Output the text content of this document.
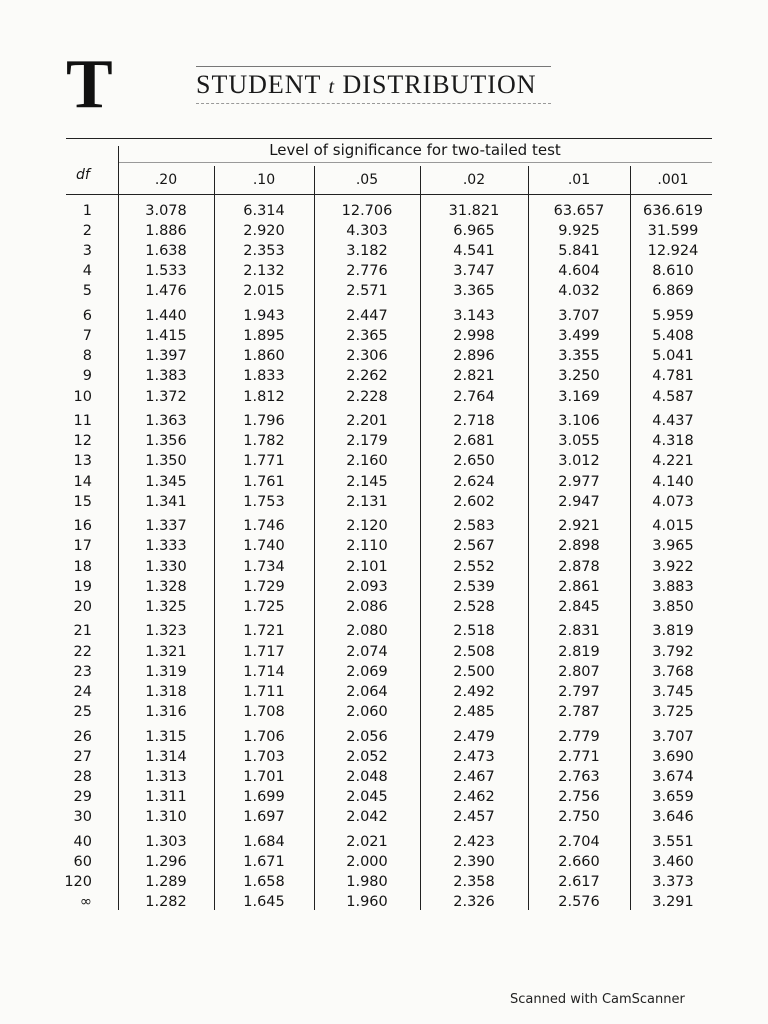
T	STUDENT t DISTRIBUTION
Level of significance for two-tailed test
df	.20	.10	.05	.02	.01	.001
1	3.078	6.314	12.706	31.821	63.657	636.619
2	1.886	2.920	4.303	6.965	9.925	31.599
3	1.638	2.353	3.182	4.541	5.841	12.924
4	1.533	2.132	2.776	3.747	4.604	8.610
5	1.476	2.015	2.571	3.365	4.032	6.869
6	1.440	1.943	2.447	3.143	3.707	5.959
7	1.415	1.895	2.365	2.998	3.499	5.408
8	1.397	1.860	2.306	2.896	3.355	5.041
9	1.383	1.833	2.262	2.821	3.250	4.781
10	1.372	1.812	2.228	2.764	3.169	4.587
11	1.363	1.796	2.201	2.718	3.106	4.437
12	1.356	1.782	2.179	2.681	3.055	4.318
13	1.350	1.771	2.160	2.650	3.012	4.221
14	1.345	1.761	2.145	2.624	2.977	4.140
15	1.341	1.753	2.131	2.602	2.947	4.073
16	1.337	1.746	2.120	2.583	2.921	4.015
17	1.333	1.740	2.110	2.567	2.898	3.965
18	1.330	1.734	2.101	2.552	2.878	3.922
19	1.328	1.729	2.093	2.539	2.861	3.883
20	1.325	1.725	2.086	2.528	2.845	3.850
21	1.323	1.721	2.080	2.518	2.831	3.819
22	1.321	1.717	2.074	2.508	2.819	3.792
23	1.319	1.714	2.069	2.500	2.807	3.768
24	1.318	1.711	2.064	2.492	2.797	3.745
25	1.316	1.708	2.060	2.485	2.787	3.725
26	1.315	1.706	2.056	2.479	2.779	3.707
27	1.314	1.703	2.052	2.473	2.771	3.690
28	1.313	1.701	2.048	2.467	2.763	3.674
29	1.311	1.699	2.045	2.462	2.756	3.659
30	1.310	1.697	2.042	2.457	2.750	3.646
40	1.303	1.684	2.021	2.423	2.704	3.551
60	1.296	1.671	2.000	2.390	2.660	3.460
120	1.289	1.658	1.980	2.358	2.617	3.373
∞	1.282	1.645	1.960	2.326	2.576	3.291
Scanned with CamScanner
